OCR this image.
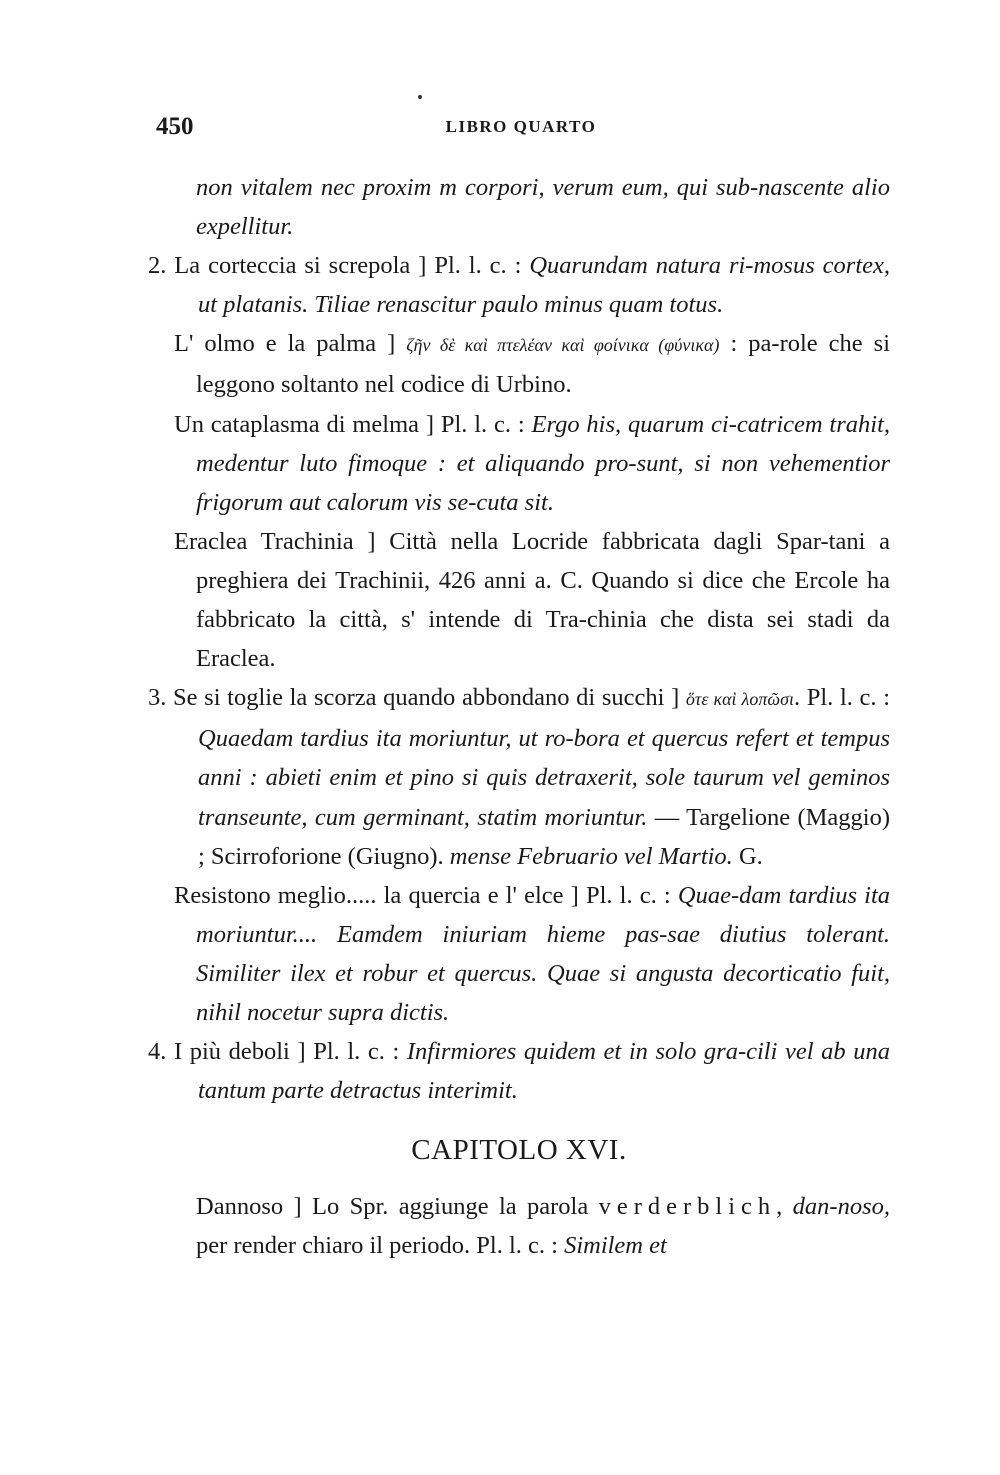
450	LIBRO QUARTO

non vitalem nec proxim m corpori, verum eum, qui sub-nascente alio expellitur.

2. La corteccia si screpola ] Pl. l. c. : Quarundam natura ri-mosus cortex, ut platanis. Tiliae renascitur paulo minus quam totus.

L' olmo e la palma ] ζῆν δὲ καὶ πτελέαν καὶ φοίνικα (φύνικα) : pa-role che si leggono soltanto nel codice di Urbino.

Un cataplasma di melma ] Pl. l. c. : Ergo his, quarum ci-catricem trahit, medentur luto fimoque : et aliquando pro-sunt, si non vehementior frigorum aut calorum vis se-cuta sit.

Eraclea Trachinia ] Città nella Locride fabbricata dagli Spar-tani a preghiera dei Trachinii, 426 anni a. C. Quando si dice che Ercole ha fabbricato la città, s' intende di Tra-chinia che dista sei stadi da Eraclea.

3. Se si toglie la scorza quando abbondano di succhi ] ὅτε καὶ λοπῶσι. Pl. l. c. : Quaedam tardius ita moriuntur, ut ro-bora et quercus refert et tempus anni : abieti enim et pino si quis detraxerit, sole taurum vel geminos transeunte, cum germinant, statim moriuntur. — Targelione (Maggio) ; Scirroforione (Giugno). mense Februario vel Martio. G.

Resistono meglio..... la quercia e l' elce ] Pl. l. c. : Quae-dam tardius ita moriuntur.... Eamdem iniuriam hieme pas-sae diutius tolerant. Similiter ilex et robur et quercus. Quae si angusta decorticatio fuit, nihil nocetur supra dictis.

4. I più deboli ] Pl. l. c. : Infirmiores quidem et in solo gra-cili vel ab una tantum parte detractus interimit.

CAPITOLO XVI.

Dannoso ] Lo Spr. aggiunge la parola verderblich, dan-noso, per render chiaro il periodo. Pl. l. c. : Similem et
